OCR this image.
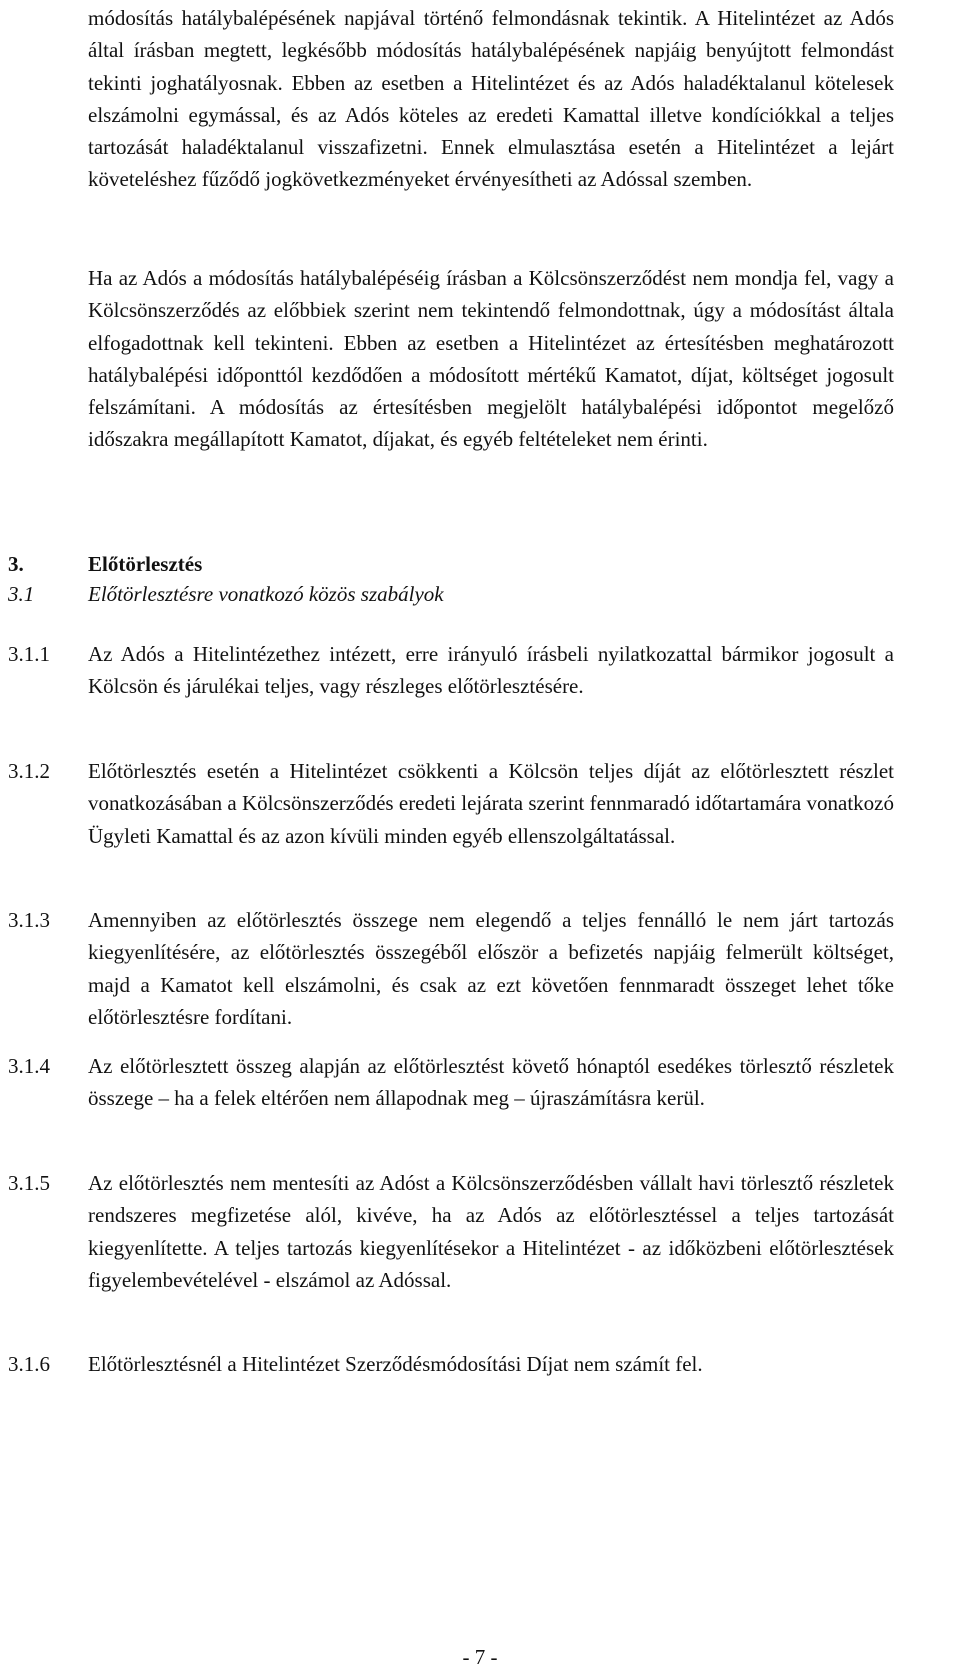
módosítás hatálybalépésének napjával történő felmondásnak tekintik. A Hitelintézet az Adós által írásban megtett, legkésőbb módosítás hatálybalépésének napjáig benyújtott felmondást tekinti joghatályosnak. Ebben az esetben a Hitelintézet és az Adós haladéktalanul kötelesek elszámolni egymással, és az Adós köteles az eredeti Kamattal illetve kondíciókkal a teljes tartozását haladéktalanul visszafizetni. Ennek elmulasztása esetén a Hitelintézet a lejárt követeléshez fűződő jogkövetkezményeket érvényesítheti az Adóssal szemben.

Ha az Adós a módosítás hatálybalépéséig írásban a Kölcsönszerződést nem mondja fel, vagy a Kölcsönszerződés az előbbiek szerint nem tekintendő felmondottnak, úgy a módosítást általa elfogadottnak kell tekinteni. Ebben az esetben a Hitelintézet az értesítésben meghatározott hatálybalépési időponttól kezdődően a módosított mértékű Kamatot, díjat, költséget jogosult felszámítani. A módosítás az értesítésben megjelölt hatálybalépési időpontot megelőző időszakra megállapított Kamatot, díjakat, és egyéb feltételeket nem érinti.

3.	Előtörlesztés
3.1	Előtörlesztésre vonatkozó közös szabályok
3.1.1 Az Adós a Hitelintézethez intézett, erre irányuló írásbeli nyilatkozattal bármikor jogosult a Kölcsön és járulékai teljes, vagy részleges előtörlesztésére.
3.1.2 Előtörlesztés esetén a Hitelintézet csökkenti a Kölcsön teljes díját az előtörlesztett részlet vonatkozásában a Kölcsönszerződés eredeti lejárata szerint fennmaradó időtartamára vonatkozó Ügyleti Kamattal és az azon kívüli minden egyéb ellenszolgáltatással.
3.1.3 Amennyiben az előtörlesztés összege nem elegendő a teljes fennálló le nem járt tartozás kiegyenlítésére, az előtörlesztés összegéből először a befizetés napjáig felmerült költséget, majd a Kamatot kell elszámolni, és csak az ezt követően fennmaradt összeget lehet tőke előtörlesztésre fordítani.
3.1.4 Az előtörlesztett összeg alapján az előtörlesztést követő hónaptól esedékes törlesztő részletek összege – ha a felek eltérően nem állapodnak meg – újraszámításra kerül.
3.1.5 Az előtörlesztés nem mentesíti az Adóst a Kölcsönszerződésben vállalt havi törlesztő részletek rendszeres megfizetése alól, kivéve, ha az Adós az előtörlesztéssel a teljes tartozását kiegyenlítette. A teljes tartozás kiegyenlítésekor a Hitelintézet - az időközbeni előtörlesztések figyelembevételével - elszámol az Adóssal.
3.1.6 Előtörlesztésnél a Hitelintézet Szerződésmódosítási Díjat nem számít fel.
- 7 -
